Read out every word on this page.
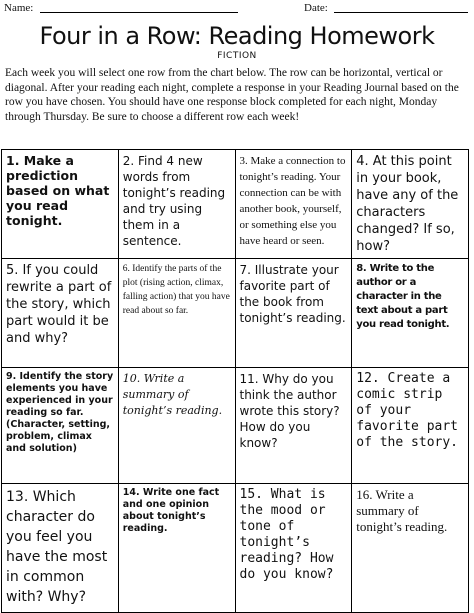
Name:	Date:
Four in a Row: Reading Homework
FICTION
Each week you will select one row from the chart below. The row can be horizontal, vertical or diagonal. After your reading each night, complete a response in your Reading Journal based on the row you have chosen. You should have one response block completed for each night, Monday through Thursday. Be sure to choose a different row each week!
1. Make a prediction based on what you read tonight.	2. Find 4 new words from tonight’s reading and try using them in a sentence.	3. Make a connection to tonight’s reading. Your connection can be with another book, yourself, or something else you have heard or seen.	4. At this point in your book, have any of the characters changed? If so, how?
5. If you could rewrite a part of the story, which part would it be and why?	6. Identify the parts of the plot (rising action, climax, falling action) that you have read about so far.	7. Illustrate your favorite part of the book from tonight’s reading.	8. Write to the author or a character in the text about a part you read tonight.
9. Identify the story elements you have experienced in your reading so far. (Character, setting, problem, climax and solution)	10. Write a summary of tonight’s reading.	11. Why do you think the author wrote this story? How do you know?	12. Create a comic strip of your favorite part of the story.
13. Which character do you feel you have the most in common with? Why?	14. Write one fact and one opinion about tonight’s reading.	15. What is the mood or tone of tonight’s reading? How do you know?	16. Write a summary of tonight’s reading.
